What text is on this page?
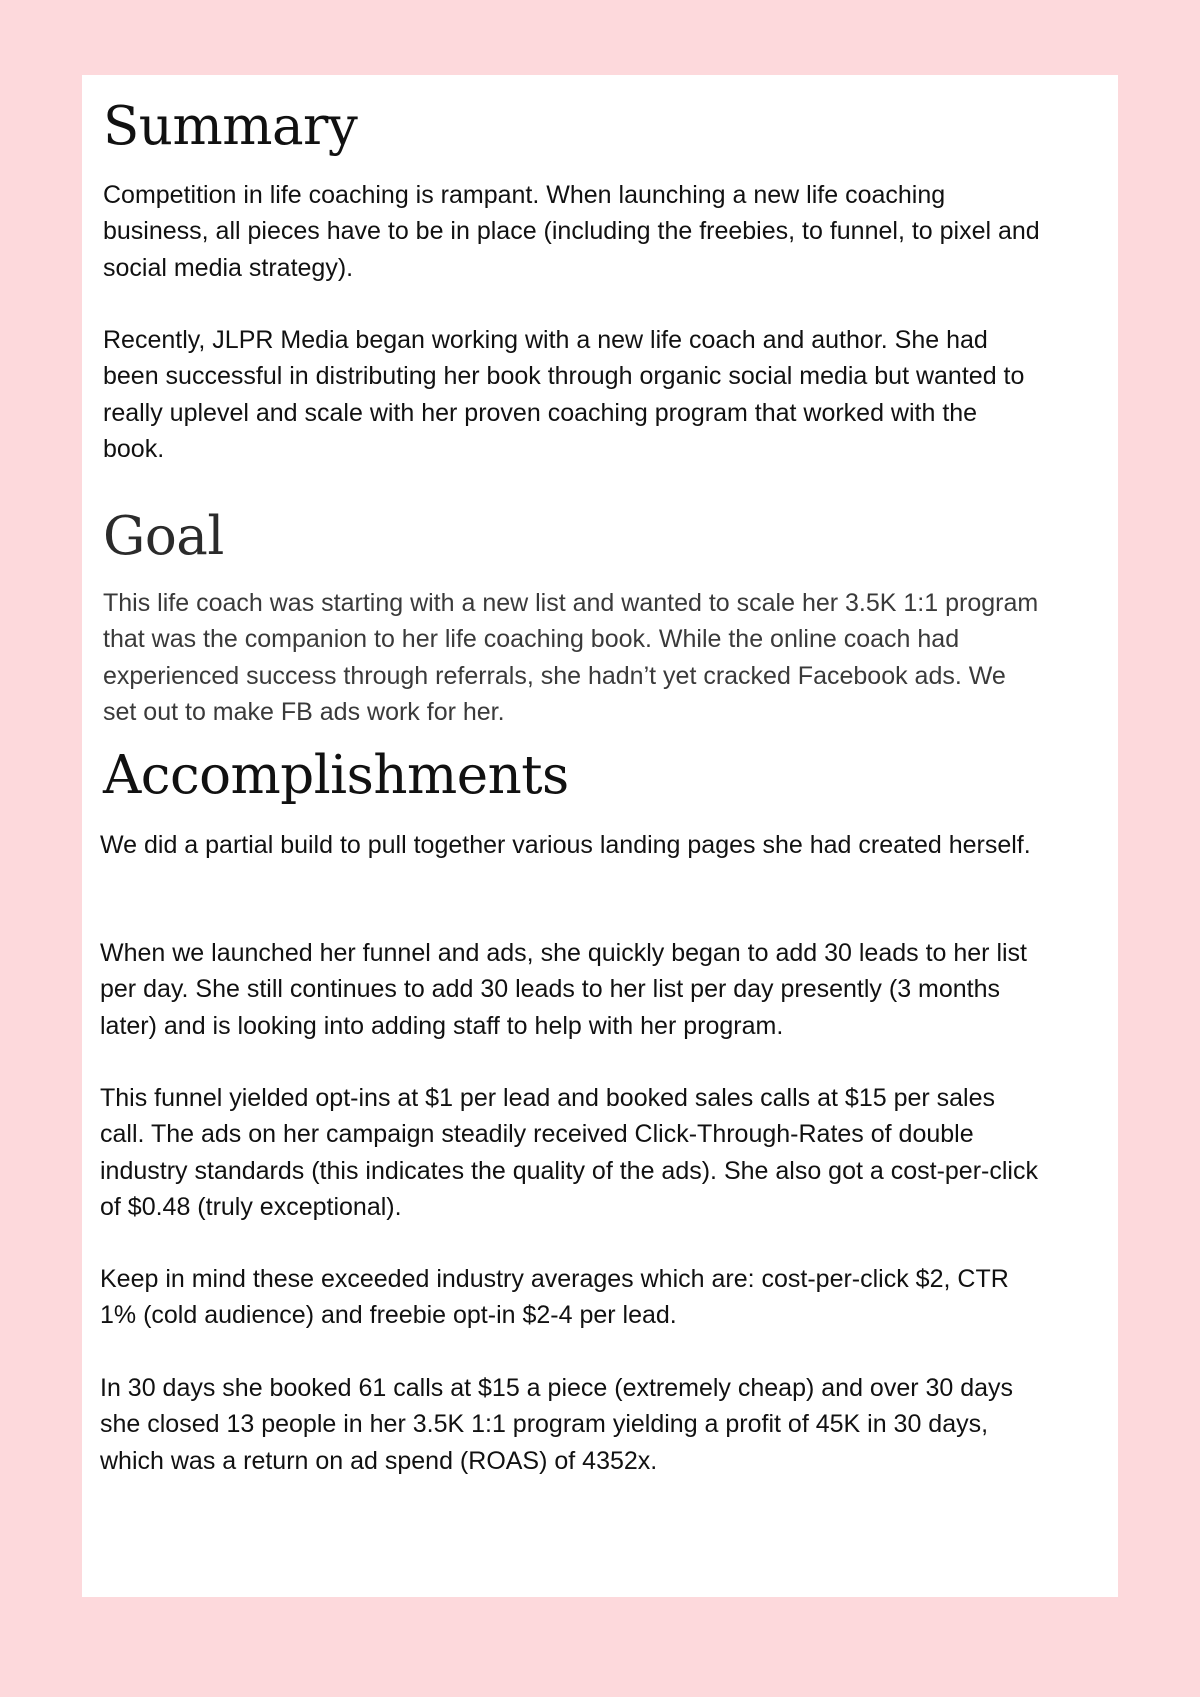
Summary

Competition in life coaching is rampant. When launching a new life coaching business, all pieces have to be in place (including the freebies, to funnel, to pixel and social media strategy).

Recently, JLPR Media began working with a new life coach and author. She had been successful in distributing her book through organic social media but wanted to really uplevel and scale with her proven coaching program that worked with the book.

Goal

This life coach was starting with a new list and wanted to scale her 3.5K 1:1 program that was the companion to her life coaching book. While the online coach had experienced success through referrals, she hadn’t yet cracked Facebook ads. We set out to make FB ads work for her.

Accomplishments

We did a partial build to pull together various landing pages she had created herself.

When we launched her funnel and ads, she quickly began to add 30 leads to her list per day. She still continues to add 30 leads to her list per day presently (3 months later) and is looking into adding staff to help with her program.

This funnel yielded opt-ins at $1 per lead and booked sales calls at $15 per sales call. The ads on her campaign steadily received Click-Through-Rates of double industry standards (this indicates the quality of the ads). She also got a cost-per-click of $0.48 (truly exceptional).

Keep in mind these exceeded industry averages which are: cost-per-click $2, CTR 1% (cold audience) and freebie opt-in $2-4 per lead.

In 30 days she booked 61 calls at $15 a piece (extremely cheap) and over 30 days she closed 13 people in her 3.5K 1:1 program yielding a profit of 45K in 30 days, which was a return on ad spend (ROAS) of 4352x.
